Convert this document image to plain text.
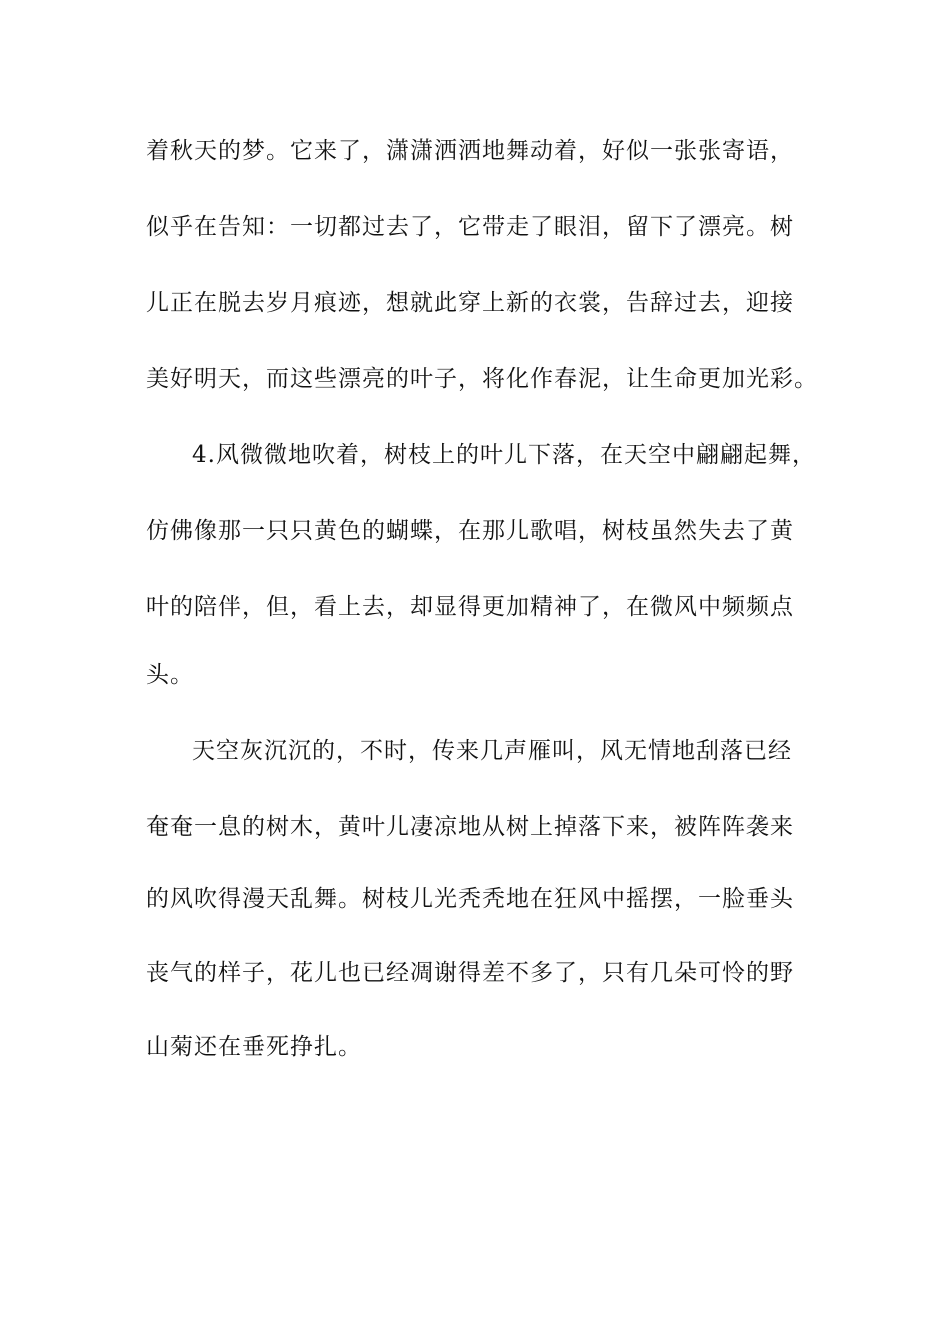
着秋天的梦。它来了，潇潇洒洒地舞动着，好似一张张寄语，
似乎在告知：一切都过去了，它带走了眼泪，留下了漂亮。树
儿正在脱去岁月痕迹，想就此穿上新的衣裳，告辞过去，迎接
美好明天，而这些漂亮的叶子，将化作春泥，让生命更加光彩。
4.风微微地吹着，树枝上的叶儿下落，在天空中翩翩起舞，
仿佛像那一只只黄色的蝴蝶，在那儿歌唱，树枝虽然失去了黄
叶的陪伴，但，看上去，却显得更加精神了，在微风中频频点
头。
天空灰沉沉的，不时，传来几声雁叫，风无情地刮落已经
奄奄一息的树木，黄叶儿凄凉地从树上掉落下来，被阵阵袭来
的风吹得漫天乱舞。树枝儿光秃秃地在狂风中摇摆，一脸垂头
丧气的样子，花儿也已经凋谢得差不多了，只有几朵可怜的野
山菊还在垂死挣扎。
